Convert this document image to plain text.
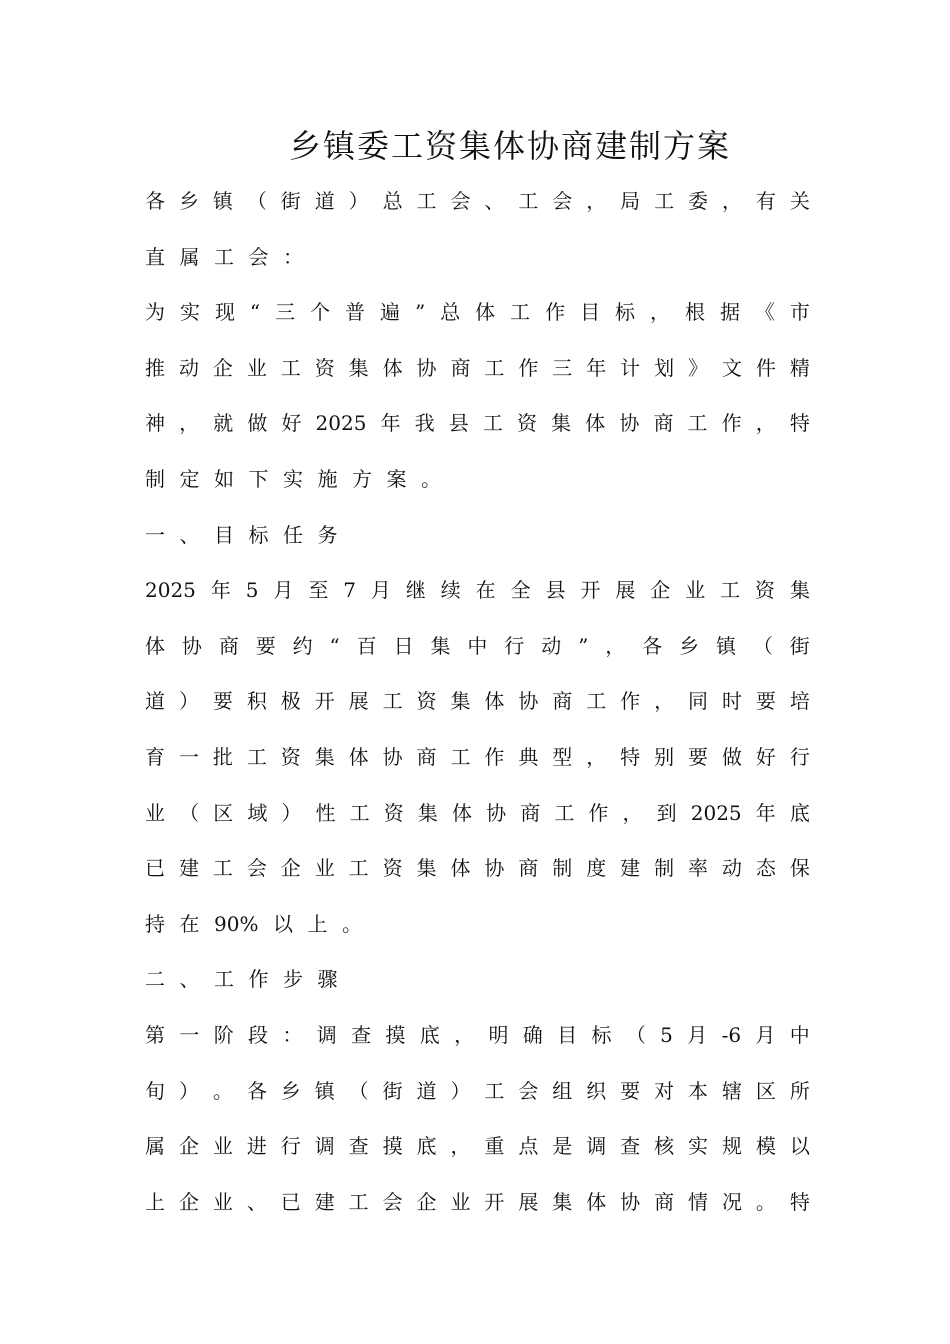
乡镇委工资集体协商建制方案
各 乡 镇 （ 街 道 ） 总 工 会 、 工 会 ， 局 工 委 ， 有 关
直 属 工 会 ：
为 实 现 “ 三 个 普 遍 ” 总 体 工 作 目 标 ， 根 据 《 市
推 动 企 业 工 资 集 体 协 商 工 作 三 年 计 划 》 文 件 精
神 ， 就 做 好 2025 年 我 县 工 资 集 体 协 商 工 作 ， 特
制 定 如 下 实 施 方 案 。
一 、 目 标 任 务
2025 年 5 月 至 7 月 继 续 在 全 县 开 展 企 业 工 资 集
体 协 商 要 约 “ 百 日 集 中 行 动 ” ， 各 乡 镇 （ 街
道 ） 要 积 极 开 展 工 资 集 体 协 商 工 作 ， 同 时 要 培
育 一 批 工 资 集 体 协 商 工 作 典 型 ， 特 别 要 做 好 行
业 （ 区 域 ） 性 工 资 集 体 协 商 工 作 ， 到 2025 年 底
已 建 工 会 企 业 工 资 集 体 协 商 制 度 建 制 率 动 态 保
持 在 90% 以 上 。
二 、 工 作 步 骤
第 一 阶 段 ： 调 查 摸 底 ， 明 确 目 标 （ 5 月 -6 月 中
旬 ） 。 各 乡 镇 （ 街 道 ） 工 会 组 织 要 对 本 辖 区 所
属 企 业 进 行 调 查 摸 底 ， 重 点 是 调 查 核 实 规 模 以
上 企 业 、 已 建 工 会 企 业 开 展 集 体 协 商 情 况 。 特
